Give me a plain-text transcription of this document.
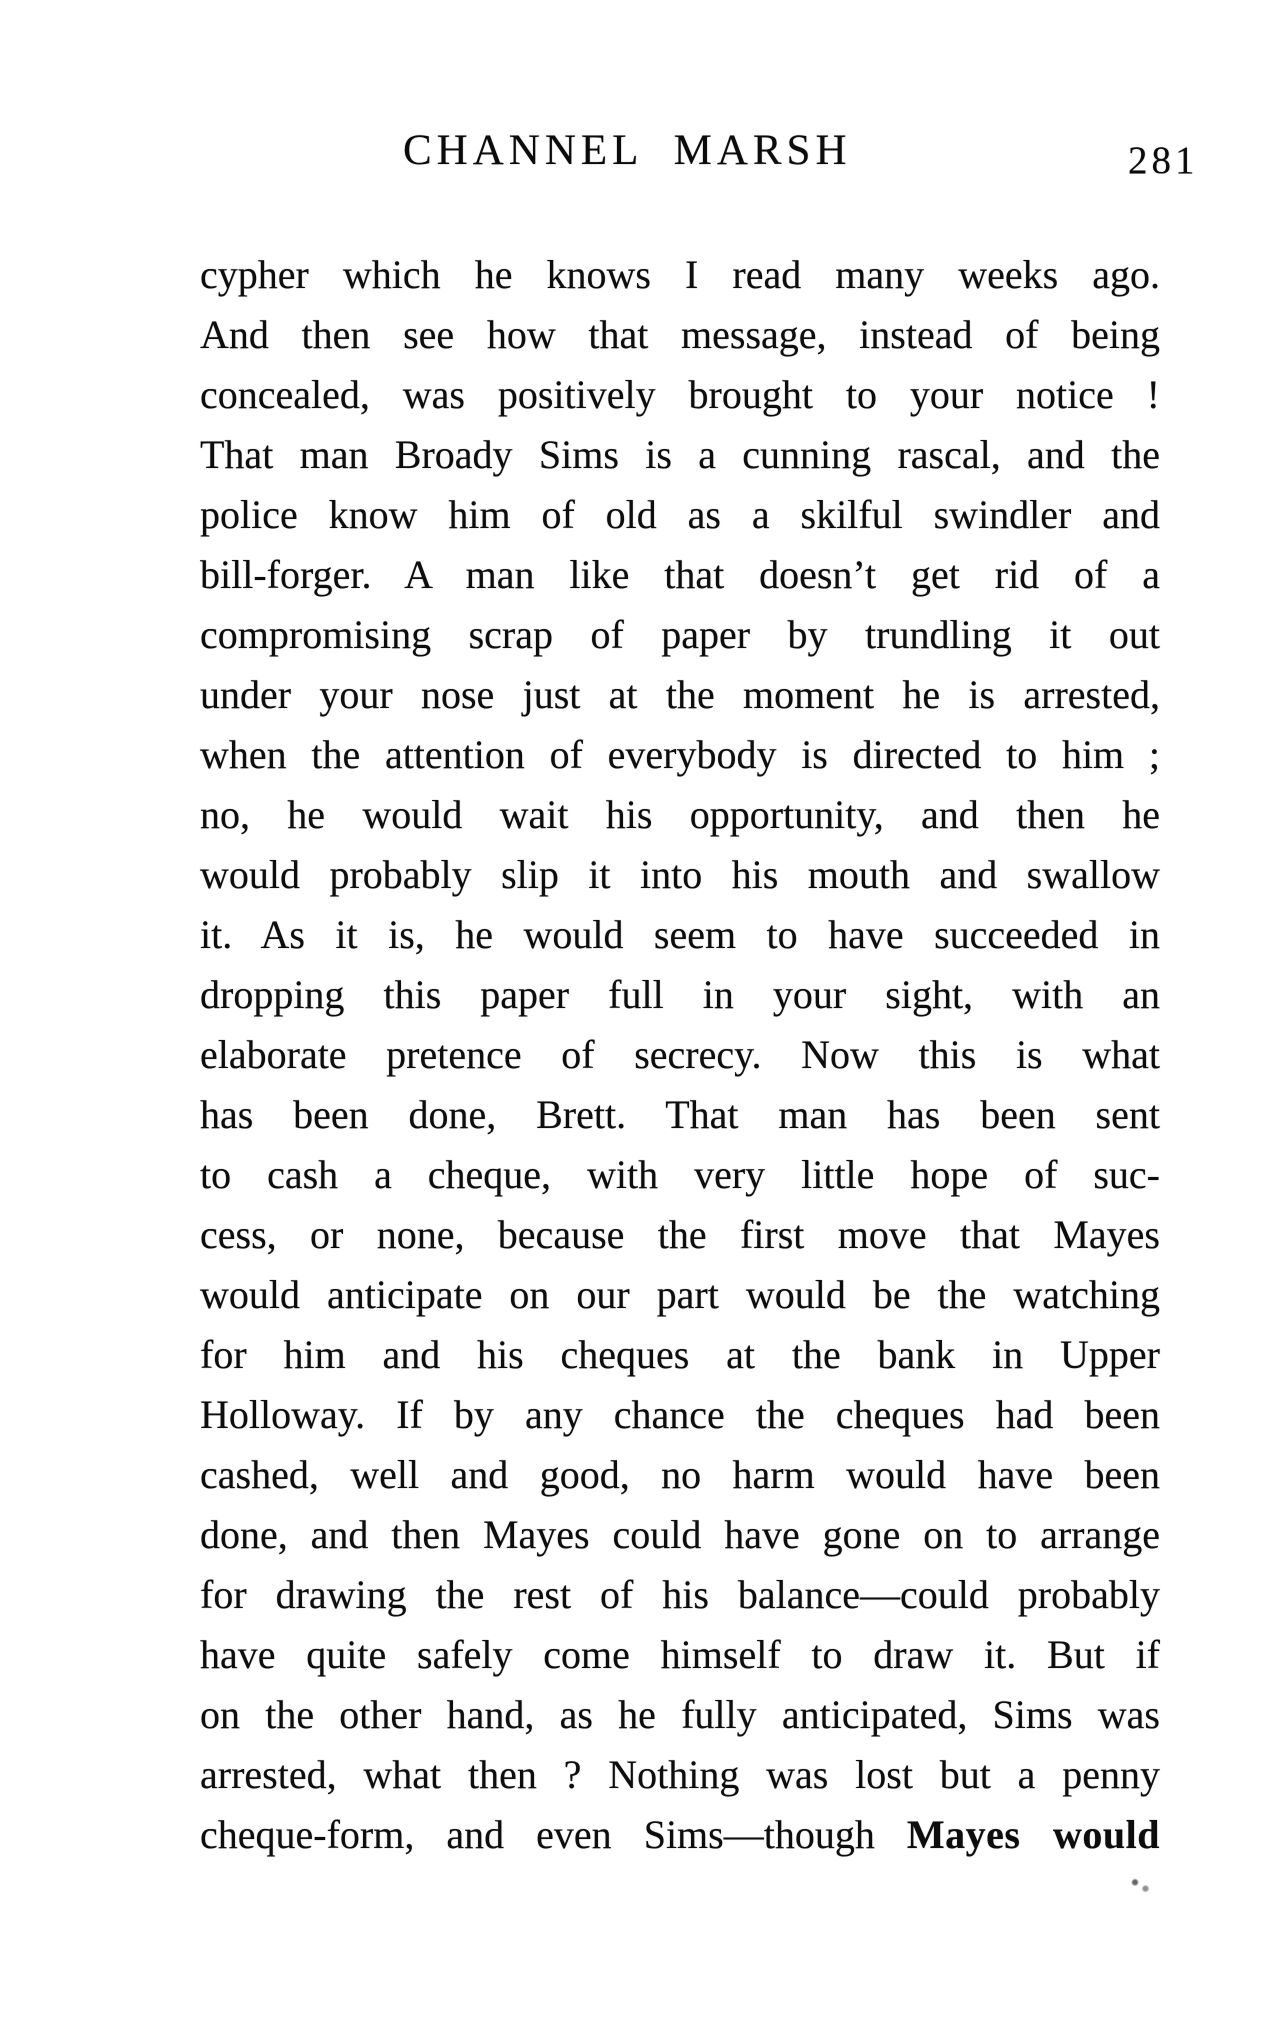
CHANNEL MARSH	281
cypher which he knows I read many weeks ago.
And then see how that message, instead of being
concealed, was positively brought to your notice !
That man Broady Sims is a cunning rascal, and the
police know him of old as a skilful swindler and
bill-forger. A man like that doesn’t get rid of a
compromising scrap of paper by trundling it out
under your nose just at the moment he is arrested,
when the attention of everybody is directed to him ;
no, he would wait his opportunity, and then he
would probably slip it into his mouth and swallow
it. As it is, he would seem to have succeeded in
dropping this paper full in your sight, with an
elaborate pretence of secrecy. Now this is what
has been done, Brett. That man has been sent
to cash a cheque, with very little hope of suc-
cess, or none, because the first move that Mayes
would anticipate on our part would be the watching
for him and his cheques at the bank in Upper
Holloway. If by any chance the cheques had been
cashed, well and good, no harm would have been
done, and then Mayes could have gone on to arrange
for drawing the rest of his balance—could probably
have quite safely come himself to draw it. But if
on the other hand, as he fully anticipated, Sims was
arrested, what then ? Nothing was lost but a penny
cheque-form, and even Sims—though Mayes would
